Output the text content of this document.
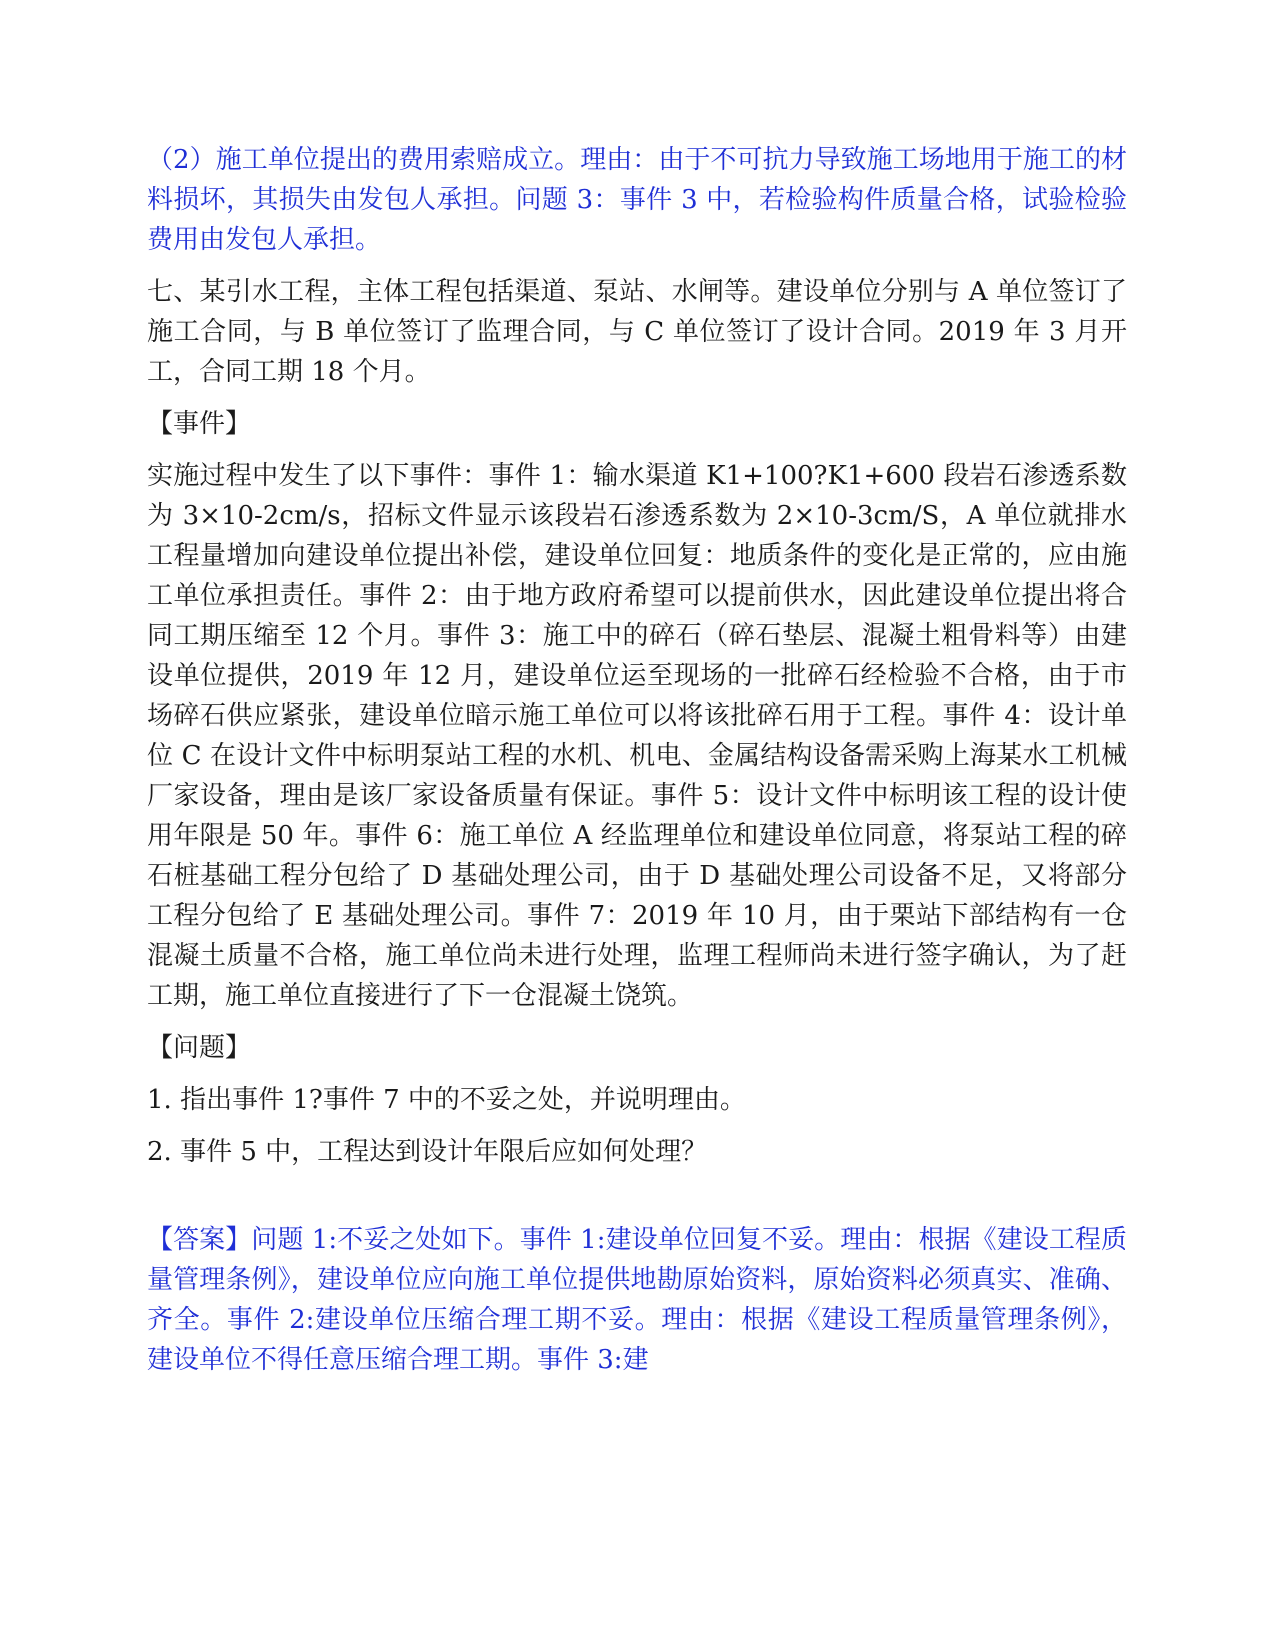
（2）施工单位提出的费用索赔成立。理由：由于不可抗力导致施工场地用于施工的材料损坏，其损失由发包人承担。问题 3：事件 3 中，若检验构件质量合格，试验检验费用由发包人承担。

七、某引水工程，主体工程包括渠道、泵站、水闸等。建设单位分别与 A 单位签订了施工合同，与 B 单位签订了监理合同，与 C 单位签订了设计合同。2019 年 3 月开工，合同工期 18 个月。

【事件】

实施过程中发生了以下事件：事件 1：输水渠道 K1+100?K1+600 段岩石渗透系数为 3×10-2cm/s，招标文件显示该段岩石渗透系数为 2×10-3cm/S，A 单位就排水工程量增加向建设单位提出补偿，建设单位回复：地质条件的变化是正常的，应由施工单位承担责任。事件 2：由于地方政府希望可以提前供水，因此建设单位提出将合同工期压缩至 12 个月。事件 3：施工中的碎石（碎石垫层、混凝土粗骨料等）由建设单位提供，2019 年 12 月，建设单位运至现场的一批碎石经检验不合格，由于市场碎石供应紧张，建设单位暗示施工单位可以将该批碎石用于工程。事件 4：设计单位 C 在设计文件中标明泵站工程的水机、机电、金属结构设备需采购上海某水工机械厂家设备，理由是该厂家设备质量有保证。事件 5：设计文件中标明该工程的设计使用年限是 50 年。事件 6：施工单位 A 经监理单位和建设单位同意，将泵站工程的碎石桩基础工程分包给了 D 基础处理公司，由于 D 基础处理公司设备不足，又将部分工程分包给了 E 基础处理公司。事件 7：2019 年 10 月，由于栗站下部结构有一仓混凝土质量不合格，施工单位尚未进行处理，监理工程师尚未进行签字确认，为了赶工期，施工单位直接进行了下一仓混凝土饶筑。

【问题】

1. 指出事件 1?事件 7 中的不妥之处，并说明理由。

2. 事件 5 中，工程达到设计年限后应如何处理？

【答案】问题 1:不妥之处如下。事件 1:建设单位回复不妥。理由：根据《建设工程质量管理条例》，建设单位应向施工单位提供地勘原始资料，原始资料必须真实、准确、齐全。事件 2:建设单位压缩合理工期不妥。理由：根据《建设工程质量管理条例》，建设单位不得任意压缩合理工期。事件 3:建
